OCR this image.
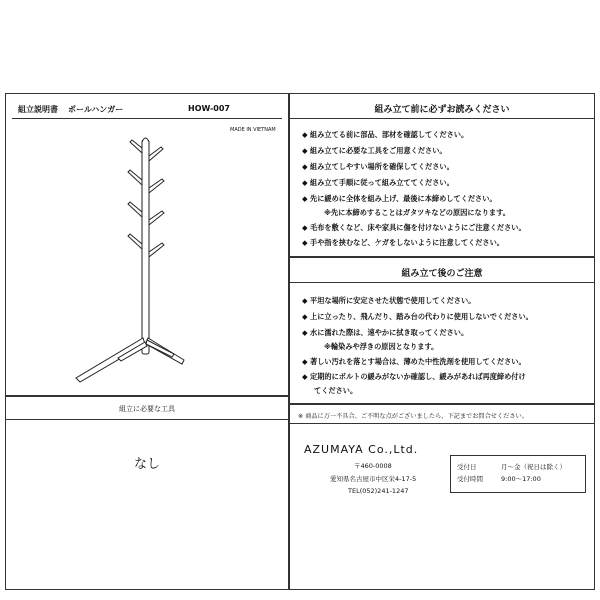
組立説明書 ポールハンガー	HOW-007
MADE IN VIETNAM
組立に必要な工具
なし
組み立て前に必ずお読みください
◆ 組み立てる前に部品、部材を確認してください。
◆ 組み立てに必要な工具をご用意ください。
◆ 組み立てしやすい場所を確保してください。
◆ 組み立て手順に従って組み立ててください。
◆ 先に緩めに全体を組み上げ、最後に本締めしてください。
※先に本締めすることはガタツキなどの原因になります。
◆ 毛布を敷くなど、床や家具に傷を付けないようにご注意ください。
◆ 手や指を挟むなど、ケガをしないように注意してください。
組み立て後のご注意
◆ 平坦な場所に安定させた状態で使用してください。
◆ 上に立ったり、飛んだり、踏み台の代わりに使用しないでください。
◆ 水に濡れた際は、速やかに拭き取ってください。
※輪染みや浮きの原因となります。
◆ 著しい汚れを落とす場合は、薄めた中性洗剤を使用してください。
◆ 定期的にボルトの緩みがないか確認し、緩みがあれば再度締め付け
てください。
※ 商品に万一不具合、ご不明な点がございましたら、下記までお問合せください。
AZUMAYA Co.,Ltd.
〒460-0008
愛知県名古屋市中区栄4-17-5
TEL(052)241-1247
受付日	月～金（祝日は除く）
受付時間	9:00～17:00
